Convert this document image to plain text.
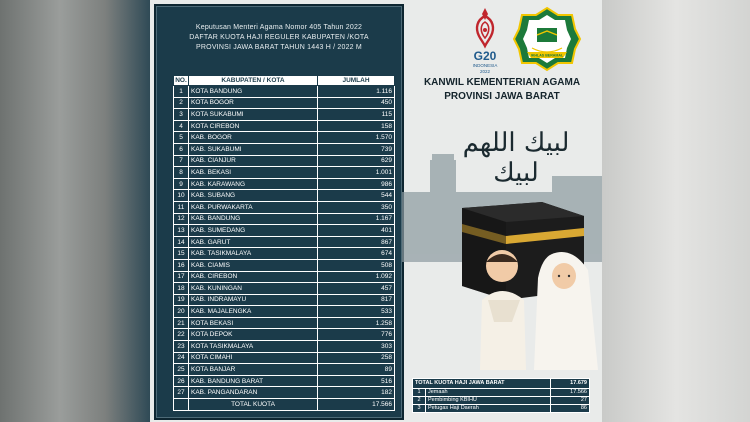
Keputusan Menteri Agama Nomor 405 Tahun 2022
DAFTAR KUOTA HAJI REGULER KABUPATEN /KOTA
PROVINSI JAWA BARAT TAHUN 1443 H / 2022 M
NO.	KABUPATEN / KOTA	JUMLAH
1	KOTA BANDUNG	1.116
2	KOTA BOGOR	450
3	KOTA SUKABUMI	115
4	KOTA CIREBON	158
5	KAB. BOGOR	1.570
6	KAB. SUKABUMI	739
7	KAB. CIANJUR	629
8	KAB. BEKASI	1.001
9	KAB. KARAWANG	986
10	KAB. SUBANG	544
11	KAB. PURWAKARTA	350
12	KAB. BANDUNG	1.167
13	KAB. SUMEDANG	401
14	KAB. GARUT	867
15	KAB. TASIKMALAYA	674
16	KAB. CIAMIS	508
17	KAB. CIREBON	1.092
18	KAB. KUNINGAN	457
19	KAB. INDRAMAYU	817
20	KAB. MAJALENGKA	533
21	KOTA BEKASI	1.258
22	KOTA DEPOK	776
23	KOTA TASIKMALAYA	303
24	KOTA CIMAHI	258
25	KOTA BANJAR	89
26	KAB. BANDUNG BARAT	516
27	KAB. PANGANDARAN	182
	TOTAL KUOTA	17.566
G20
INDONESIA
2022
IKHLAS BERAMAL
KANWIL KEMENTERIAN AGAMA
PROVINSI JAWA BARAT
لبيك اللهم لبيك
TOTAL KUOTA HAJI JAWA BARAT		17.679
1	Jemaah	17.566
2	Pembimbing KBIHU	27
3	Petugas Haji Daerah	86
